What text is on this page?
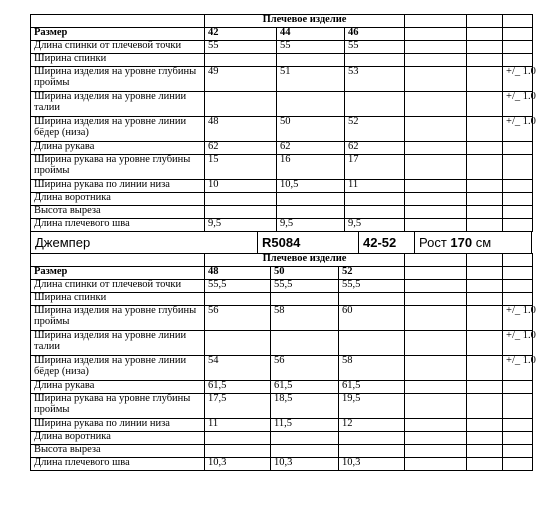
	Плечевое изделие					
Размер	42	44	46			
Длина спинки от плечевой точки	55	55	55			
Ширина спинки						
Ширина изделия на уровне глубины проймы	49	51	53			+/_ 1.0
Ширина изделия на уровне линии талии						+/_ 1.0
Ширина изделия на уровне линии бёдер (низа)	48	50	52			+/_ 1.0
Длина рукава	62	62	62			
Ширина рукава на уровне глубины проймы	15	16	17			
Ширина рукава по линии низа	10	10,5	11			
Длина воротника						
Высота выреза						
Длина плечевого шва	9,5	9,5	9,5			
Джемпер	R5084	42-52	Рост 170 см
	Плечевое изделие					
Размер	48	50	52			
Длина спинки от плечевой точки	55,5	55,5	55,5			
Ширина спинки						
Ширина изделия на уровне глубины проймы	56	58	60			+/_ 1.0
Ширина изделия на уровне линии талии						+/_ 1.0
Ширина изделия на уровне линии бёдер (низа)	54	56	58			+/_ 1.0
Длина рукава	61,5	61,5	61,5			
Ширина рукава на уровне глубины проймы	17,5	18,5	19,5			
Ширина рукава по линии низа	11	11,5	12			
Длина воротника						
Высота выреза						
Длина плечевого шва	10,3	10,3	10,3			
